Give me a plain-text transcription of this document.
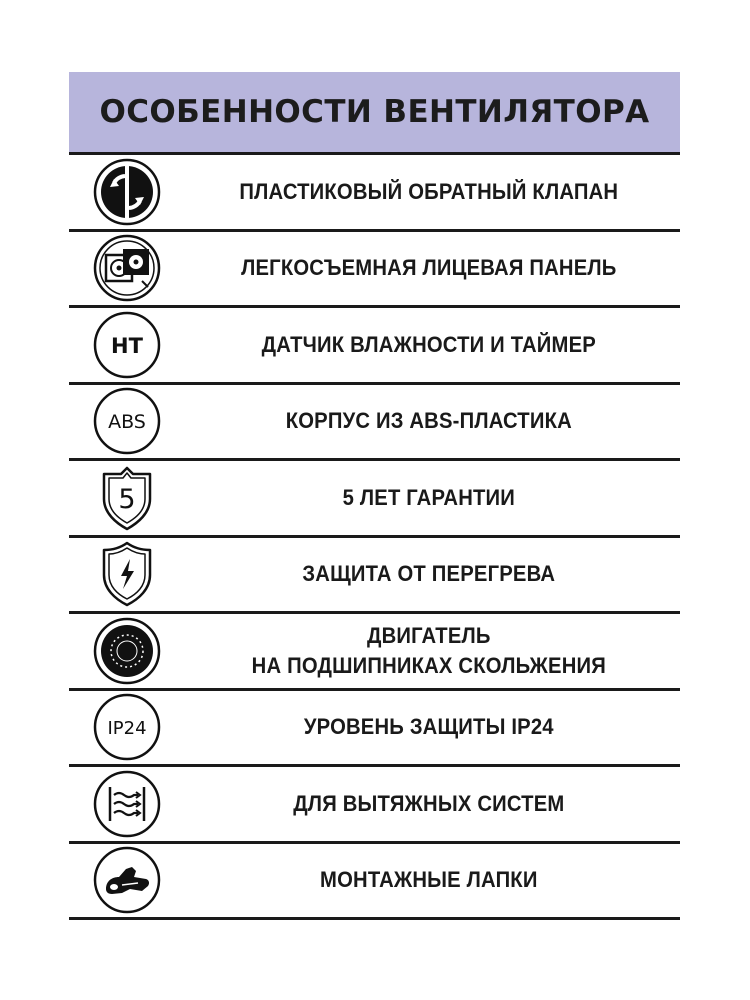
ОСОБЕННОСТИ ВЕНТИЛЯТОРА
ПЛАСТИКОВЫЙ ОБРАТНЫЙ КЛАПАН
ЛЕГКОСЪЕМНАЯ ЛИЦЕВАЯ ПАНЕЛЬ
HT	ДАТЧИК ВЛАЖНОСТИ И ТАЙМЕР
ABS	КОРПУС ИЗ ABS-ПЛАСТИКА
5	5 ЛЕТ ГАРАНТИИ
ЗАЩИТА ОТ ПЕРЕГРЕВА
ДВИГАТЕЛЬ
НА ПОДШИПНИКАХ СКОЛЬЖЕНИЯ
IP24	УРОВЕНЬ ЗАЩИТЫ IP24
ДЛЯ ВЫТЯЖНЫХ СИСТЕМ
МОНТАЖНЫЕ ЛАПКИ
